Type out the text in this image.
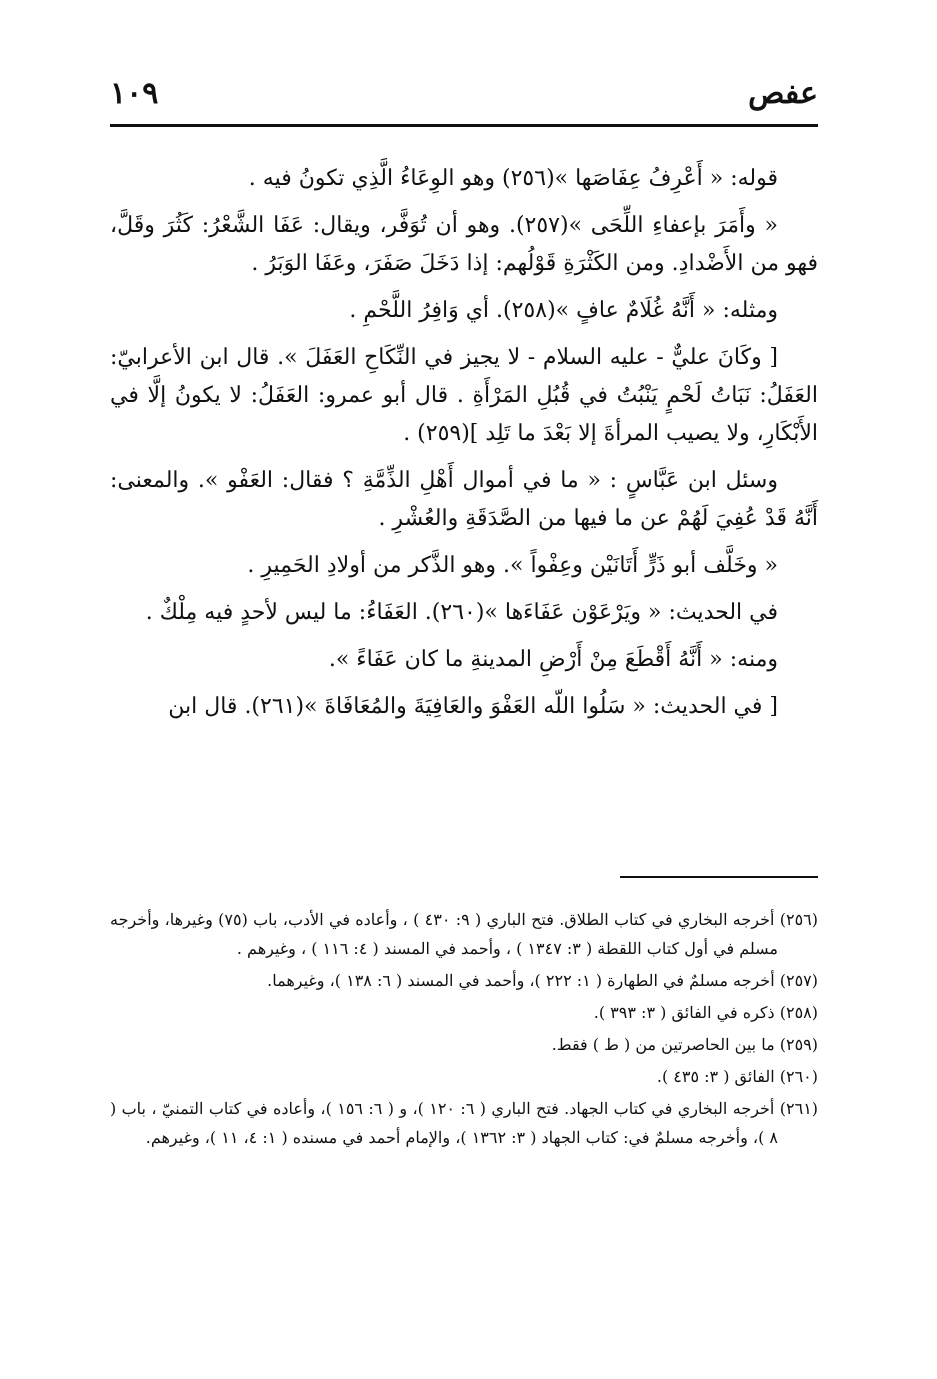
عفص
١٠٩

قوله: « أَعْرِفُ عِفَاصَها »(٢٥٦) وهو الوِعَاءُ الَّذِي تكونُ فيه .

« وأَمَرَ بإعفاءِ اللِّحَى »(٢٥٧). وهو أن تُوَفَّر، ويقال: عَفَا الشَّعْرُ: كَثُرَ وقَلَّ، فهو من الأَضْدادِ. ومن الكَثْرَةِ قَوْلُهم: إذا دَخَلَ صَفَرَ، وعَفَا الوَبَرُ .

ومثله: « أَنَّهُ غُلَامٌ عافٍ »(٢٥٨). أي وَافِرُ اللَّحْمِ .

[ وكَانَ عليٌّ - عليه السلام - لا يجيز في النِّكَاحِ العَفَلَ ». قال ابن الأعرابيّ: العَفَلُ: نَبَاتُ لَحْمٍ يَنْبُتُ في قُبُلِ المَرْأَةِ . قال أبو عمرو: العَفَلُ: لا يكونُ إلَّا في الأَبْكَارِ، ولا يصيب المرأةَ إلا بَعْدَ ما تَلِد ](٢٥٩) .

وسئل ابن عَبَّاسٍ : « ما في أموال أَهْلِ الذِّمَّةِ ؟ فقال: العَفْو ». والمعنى: أَنَّهُ قَدْ عُفِيَ لَهُمْ عن ما فيها من الصَّدَقَةِ والعُشْرِ .

« وخَلَّف أبو ذَرٍّ أَتَانَيْن وعِفْواً ». وهو الذَّكر من أولادِ الحَمِيرِ .

في الحديث: « ويَرْعَوْن عَفَاءَها »(٢٦٠). العَفَاءُ: ما ليس لأحدٍ فيه مِلْكٌ .

ومنه: « أَنَّهُ أَقْطَعَ مِنْ أَرْضِ المدينةِ ما كان عَفَاءً ».

[ في الحديث: « سَلُوا اللّه العَفْوَ والعَافِيَةَ والمُعَافَاةَ »(٢٦١). قال ابن

(٢٥٦) أخرجه البخاري في كتاب الطلاق. فتح الباري ( ٩: ٤٣٠ ) ، وأعاده في الأدب، باب (٧٥) وغيرها، وأخرجه مسلم في أول كتاب اللقطة ( ٣: ١٣٤٧ ) ، وأحمد في المسند ( ٤: ١١٦ ) ، وغيرهم .

(٢٥٧) أخرجه مسلمٌ في الطهارة ( ١: ٢٢٢ )، وأحمد في المسند ( ٦: ١٣٨ )، وغيرهما.

(٢٥٨) ذكره في الفائق ( ٣: ٣٩٣ ).

(٢٥٩) ما بين الحاصرتين من ( ط ) فقط.

(٢٦٠) الفائق ( ٣: ٤٣٥ ).

(٢٦١) أخرجه البخاري في كتاب الجهاد. فتح الباري ( ٦: ١٢٠ )، و ( ٦: ١٥٦ )، وأعاده في كتاب التمنيّ ، باب ( ٨ )، وأخرجه مسلمٌ في: كتاب الجهاد ( ٣: ١٣٦٢ )، والإمام أحمد في مسنده ( ١: ٤، ١١ )، وغيرهم.
